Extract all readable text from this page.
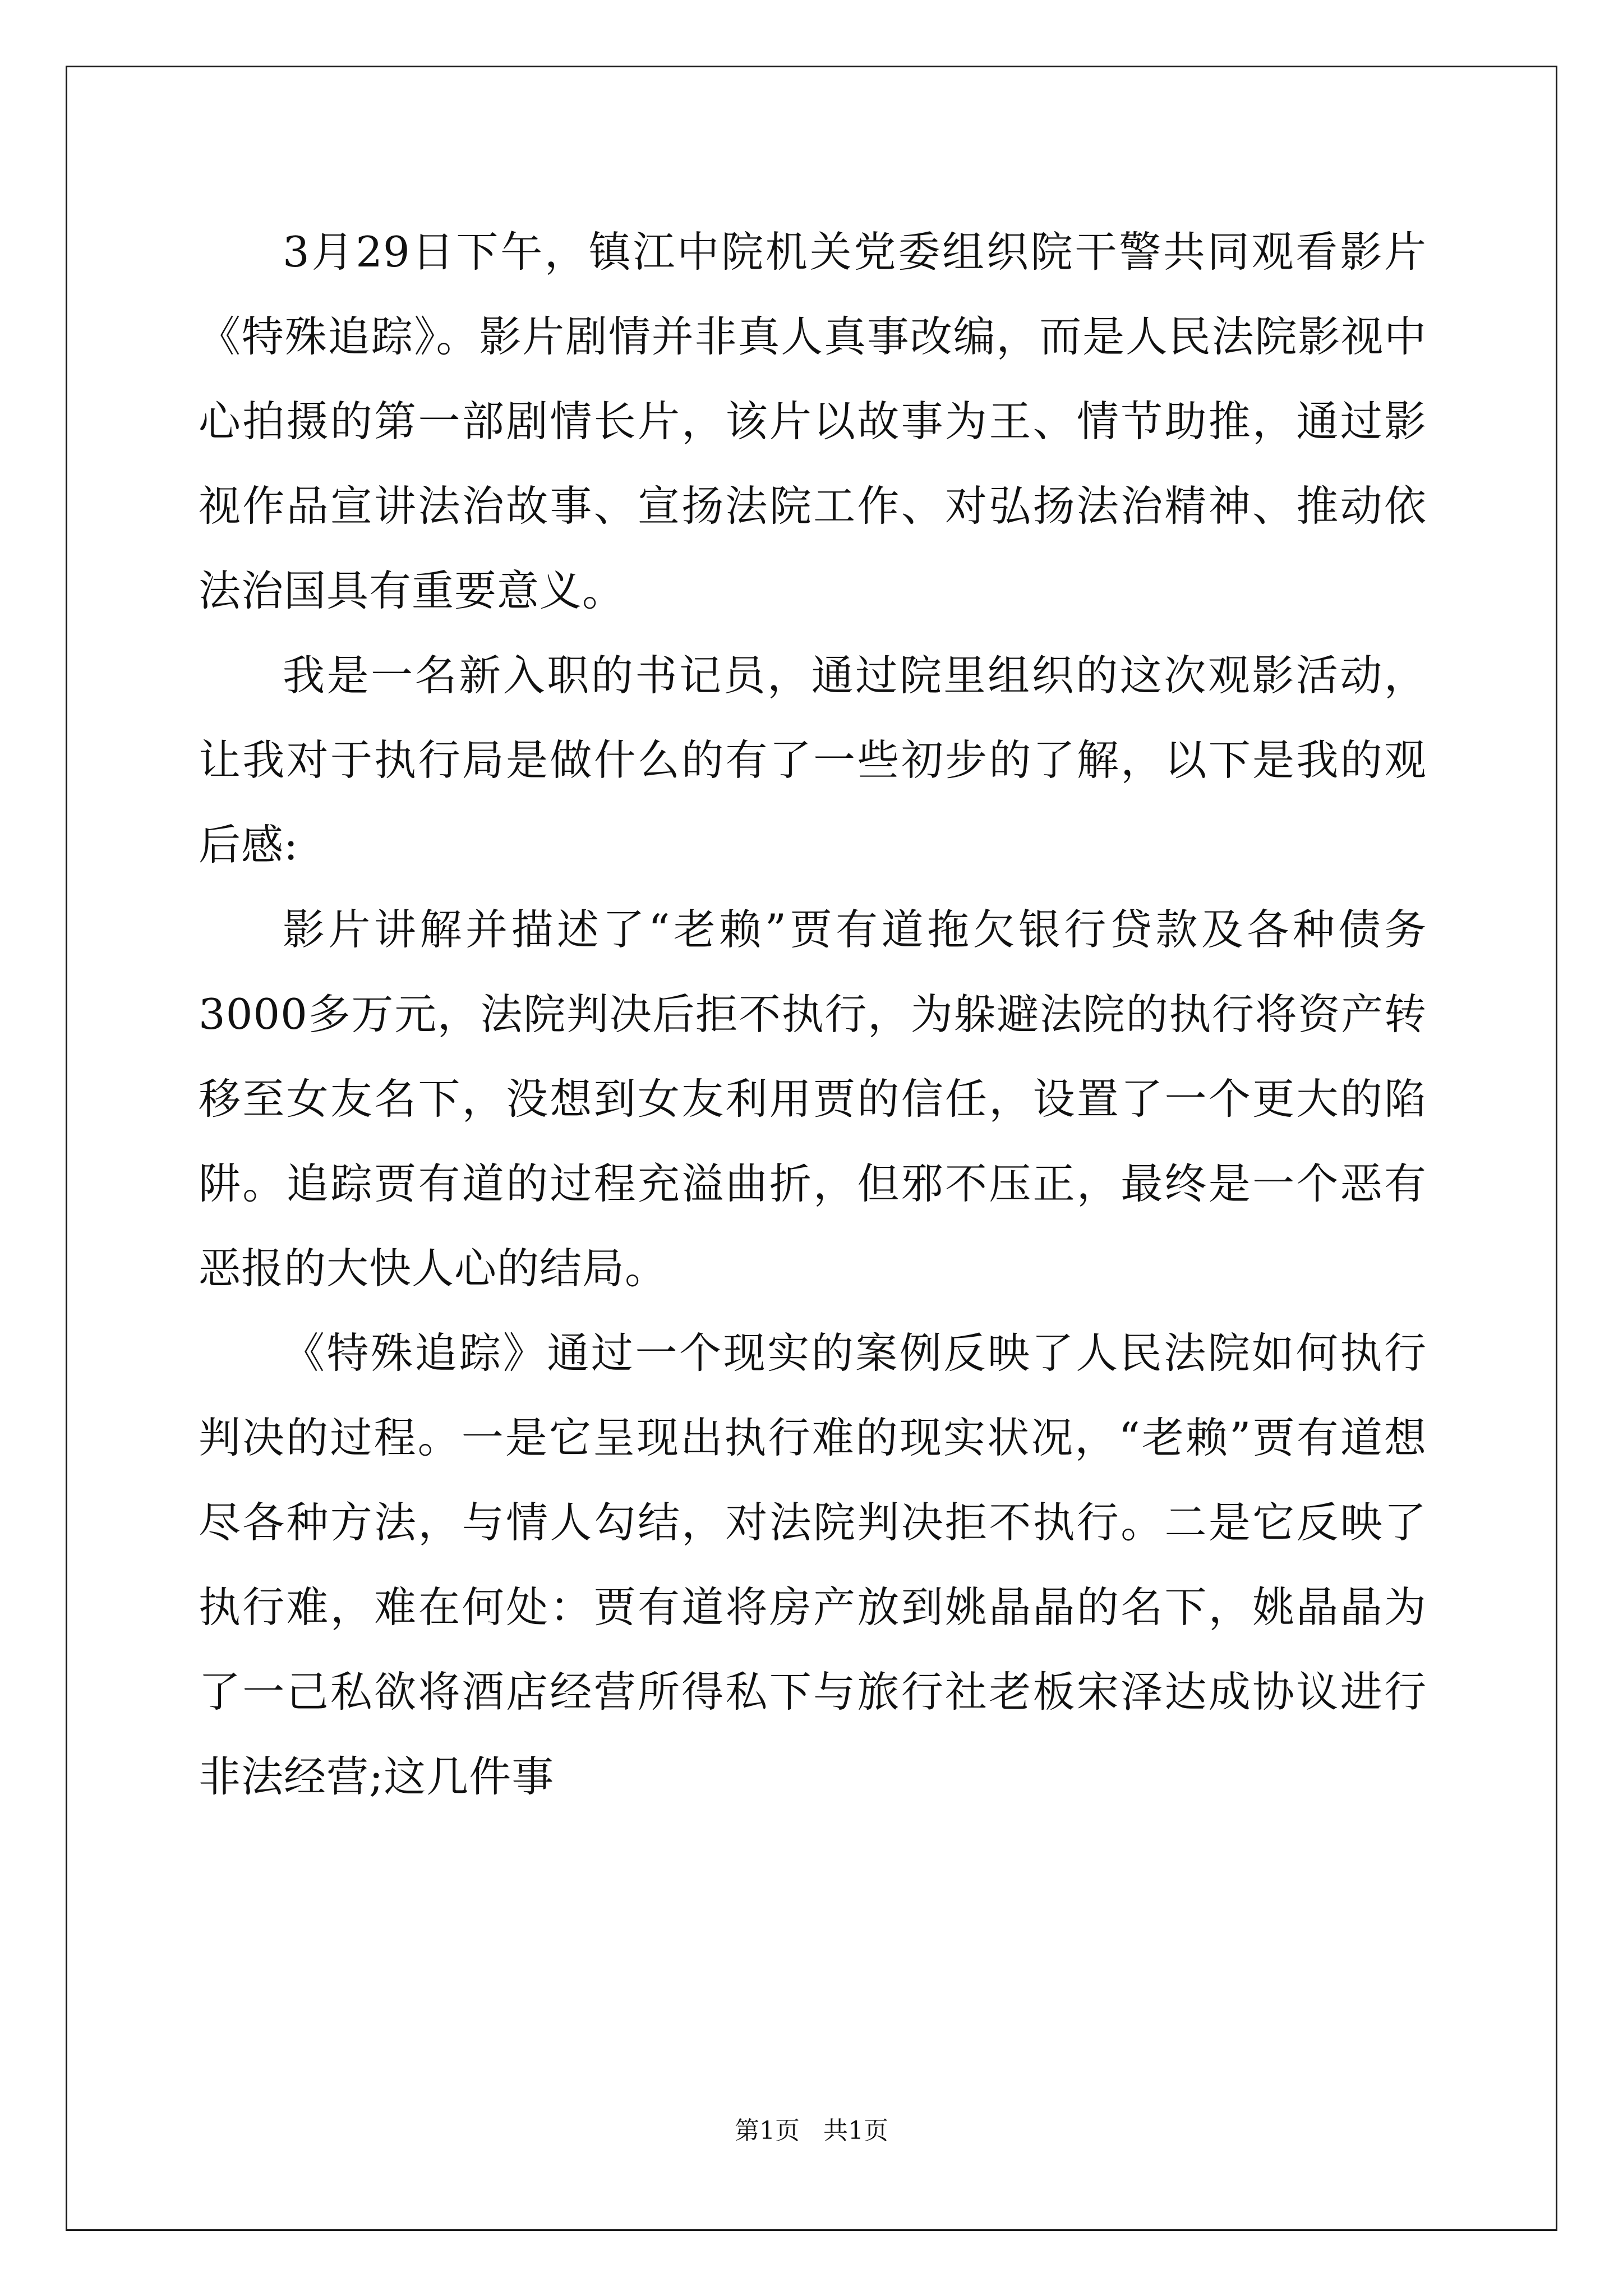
3月29日下午，镇江中院机关党委组织院干警共同观看影片《特殊追踪》。影片剧情并非真人真事改编，而是人民法院影视中心拍摄的第一部剧情长片，该片以故事为王、情节助推，通过影视作品宣讲法治故事、宣扬法院工作、对弘扬法治精神、推动依法治国具有重要意义。

我是一名新入职的书记员，通过院里组织的这次观影活动，让我对于执行局是做什么的有了一些初步的了解，以下是我的观后感:

影片讲解并描述了“老赖”贾有道拖欠银行贷款及各种债务3000多万元，法院判决后拒不执行，为躲避法院的执行将资产转移至女友名下，没想到女友利用贾的信任，设置了一个更大的陷阱。追踪贾有道的过程充溢曲折，但邪不压正，最终是一个恶有恶报的大快人心的结局。

《特殊追踪》通过一个现实的案例反映了人民法院如何执行判决的过程。一是它呈现出执行难的现实状况，“老赖”贾有道想尽各种方法，与情人勾结，对法院判决拒不执行。二是它反映了执行难，难在何处：贾有道将房产放到姚晶晶的名下，姚晶晶为了一己私欲将酒店经营所得私下与旅行社老板宋泽达成协议进行非法经营;这几件事

第1页   共1页
